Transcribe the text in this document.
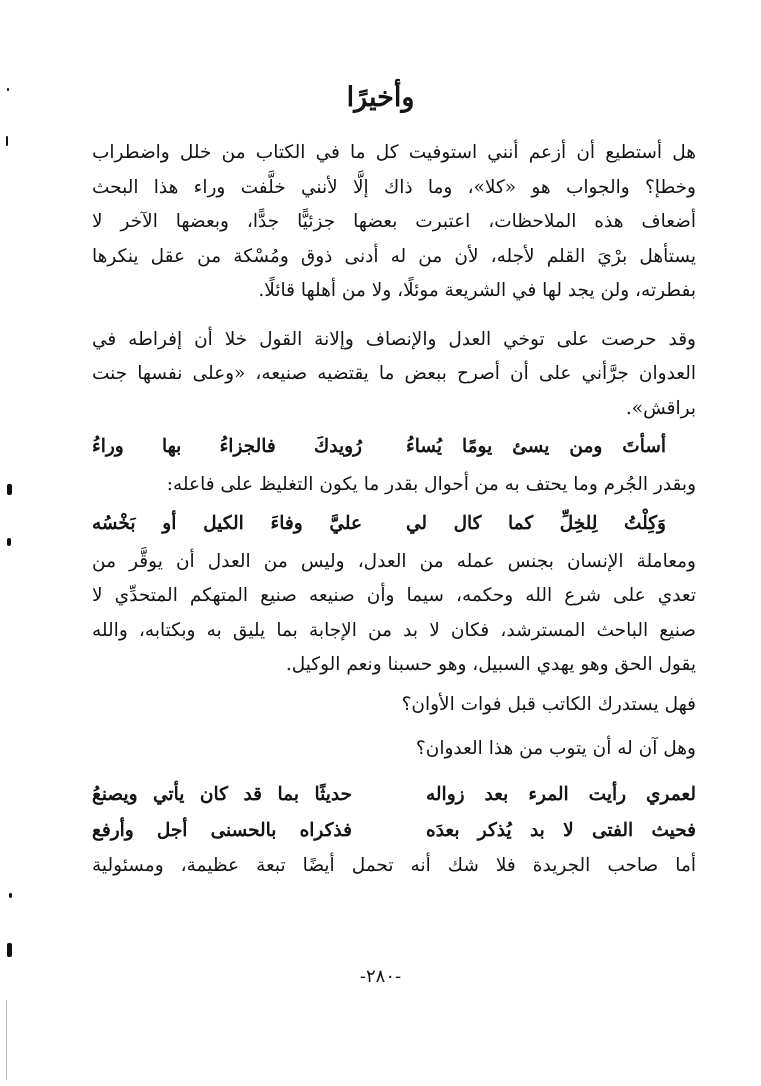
وأخيرًا
هل أستطيع أن أزعم أنني استوفيت كل ما في الكتاب من خلل واضطراب
وخطإ؟ والجواب هو «كلا»، وما ذاك إلَّا لأنني خلَّفت وراء هذا البحث
أضعاف هذه الملاحظات، اعتبرت بعضها جزئيًّا جدًّا، وبعضها الآخر لا
يستأهل برْيَ القلم لأجله، لأن من له أدنى ذوق ومُسْكة من عقل ينكرها
بفطرته، ولن يجد لها في الشريعة موئلًا، ولا من أهلها قائلًا.
وقد حرصت على توخي العدل والإنصاف وإلانة القول خلا أن إفراطه في
العدوان جرَّأني على أن أصرح ببعض ما يقتضيه صنيعه، «وعلى نفسها جنت
براقش».
أسأتَ ومن يسئ يومًا يُساءُ
رُويدكَ فالجزاءُ بها وراءُ
وبقدر الجُرم وما يحتف به من أحوال بقدر ما يكون التغليظ على فاعله:
وَكِلْتُ لِلخِلِّ كما كال لي
عليَّ وفاءَ الكيل أو بَخْسُه
ومعاملة الإنسان بجنس عمله من العدل، وليس من العدل أن يوقَّر من
تعدي على شرع الله وحكمه، سيما وأن صنيعه صنيع المتهكم المتحدِّي لا
صنيع الباحث المسترشد، فكان لا بد من الإجابة بما يليق به وبكتابه، والله
يقول الحق وهو يهدي السبيل، وهو حسبنا ونعم الوكيل.
فهل يستدرك الكاتب قبل فوات الأوان؟
وهل آن له أن يتوب من هذا العدوان؟
لعمري رأيت المرء بعد زواله
حديثًا بما قد كان يأتي ويصنعُ
فحيث الفتى لا بد يُذكر بعدَه
فذكراه بالحسنى أجل وأرفع
أما صاحب الجريدة فلا شك أنه تحمل أيضًا تبعة عظيمة، ومسئولية
-٢٨٠-
